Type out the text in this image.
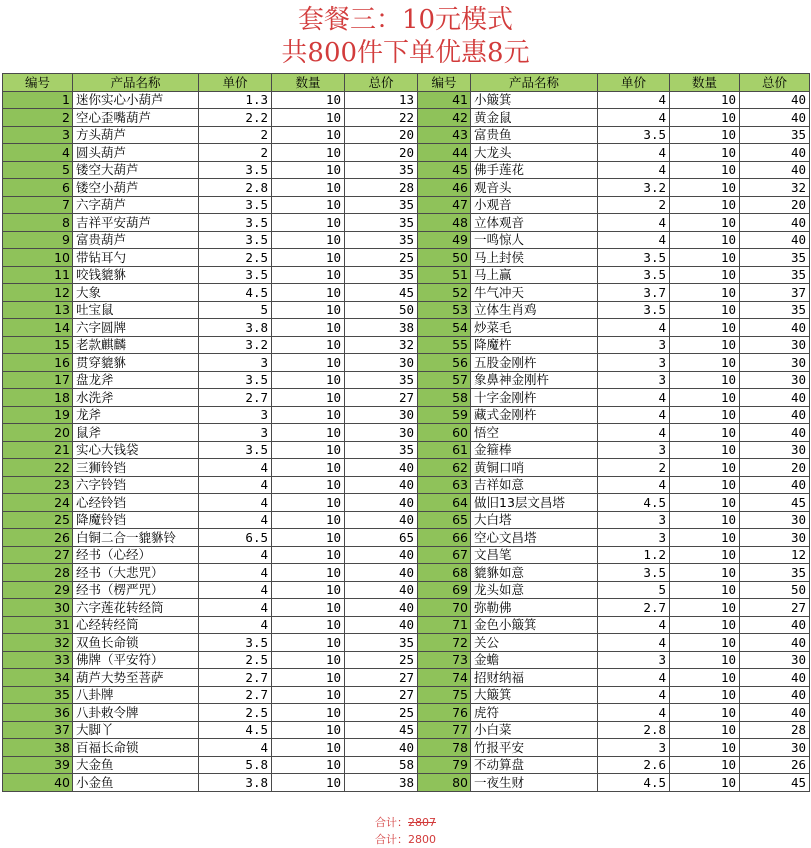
套餐三：10元模式
共800件下单优惠8元
编号	产品名称	单价	数量	总价	编号	产品名称	单价	数量	总价
1	迷你实心小葫芦	1.3	10	13	41	小簸箕	4	10	40
2	空心歪嘴葫芦	2.2	10	22	42	黄金鼠	4	10	40
3	方头葫芦	2	10	20	43	富贵鱼	3.5	10	35
4	圆头葫芦	2	10	20	44	大龙头	4	10	40
5	镂空大葫芦	3.5	10	35	45	佛手莲花	4	10	40
6	镂空小葫芦	2.8	10	28	46	观音头	3.2	10	32
7	六字葫芦	3.5	10	35	47	小观音	2	10	20
8	吉祥平安葫芦	3.5	10	35	48	立体观音	4	10	40
9	富贵葫芦	3.5	10	35	49	一鸣惊人	4	10	40
10	带钻耳勺	2.5	10	25	50	马上封侯	3.5	10	35
11	咬钱貔貅	3.5	10	35	51	马上赢	3.5	10	35
12	大象	4.5	10	45	52	牛气冲天	3.7	10	37
13	吐宝鼠	5	10	50	53	立体生肖鸡	3.5	10	35
14	六字圆牌	3.8	10	38	54	炒菜毛	4	10	40
15	老款麒麟	3.2	10	32	55	降魔杵	3	10	30
16	贯穿貔貅	3	10	30	56	五股金刚杵	3	10	30
17	盘龙斧	3.5	10	35	57	象鼻神金刚杵	3	10	30
18	水洗斧	2.7	10	27	58	十字金刚杵	4	10	40
19	龙斧	3	10	30	59	藏式金刚杵	4	10	40
20	鼠斧	3	10	30	60	悟空	4	10	40
21	实心大钱袋	3.5	10	35	61	金箍棒	3	10	30
22	三狮铃铛	4	10	40	62	黄铜口哨	2	10	20
23	六字铃铛	4	10	40	63	吉祥如意	4	10	40
24	心经铃铛	4	10	40	64	做旧13层文昌塔	4.5	10	45
25	降魔铃铛	4	10	40	65	大白塔	3	10	30
26	白铜二合一貔貅铃	6.5	10	65	66	空心文昌塔	3	10	30
27	经书（心经）	4	10	40	67	文昌笔	1.2	10	12
28	经书（大悲咒）	4	10	40	68	貔貅如意	3.5	10	35
29	经书（楞严咒）	4	10	40	69	龙头如意	5	10	50
30	六字莲花转经筒	4	10	40	70	弥勒佛	2.7	10	27
31	心经转经筒	4	10	40	71	金色小簸箕	4	10	40
32	双鱼长命锁	3.5	10	35	72	关公	4	10	40
33	佛牌（平安符）	2.5	10	25	73	金蟾	3	10	30
34	葫芦大势至菩萨	2.7	10	27	74	招财纳福	4	10	40
35	八卦牌	2.7	10	27	75	大簸箕	4	10	40
36	八卦敕令牌	2.5	10	25	76	虎符	4	10	40
37	大脚丫	4.5	10	45	77	小白菜	2.8	10	28
38	百福长命锁	4	10	40	78	竹报平安	3	10	30
39	大金鱼	5.8	10	58	79	不动算盘	2.6	10	26
40	小金鱼	3.8	10	38	80	一夜生财	4.5	10	45
合计：2807
合计：2800
